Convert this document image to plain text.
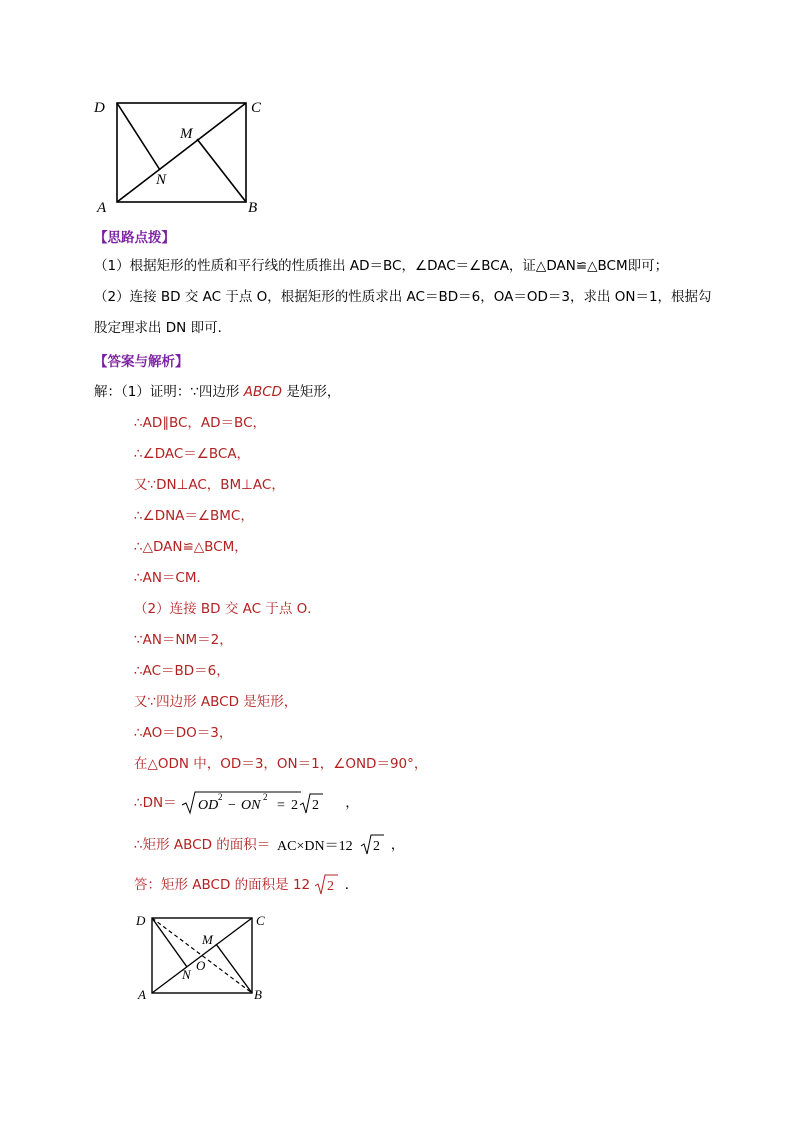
D	C
A	B
M
N
【思路点拨】
（1）根据矩形的性质和平行线的性质推出 AD＝BC，∠DAC＝∠BCA，证△DAN≌△BCM即可；
（2）连接 BD 交 AC 于点 O，根据矩形的性质求出 AC＝BD＝6，OA＝OD＝3，求出 ON＝1，根据勾
股定理求出 DN 即可．
【答案与解析】
解：（1）证明：∵四边形 ABCD 是矩形，
∴AD∥BC，AD＝BC，
∴∠DAC＝∠BCA，
又∵DN⊥AC，BM⊥AC，
∴∠DNA＝∠BMC，
∴△DAN≌△BCM，
∴AN＝CM．
（2）连接 BD 交 AC 于点 O．
∵AN＝NM＝2，
∴AC＝BD＝6，
又∵四边形 ABCD 是矩形，
∴AO＝DO＝3，
在△ODN 中，OD＝3，ON＝1，∠OND＝90°，
∴DN＝ OD
2
− ON
2
= 2 2 ，
∴矩形 ABCD 的面积＝ AC×DN＝12 2 ，
答：矩形 ABCD 的面积是 12 2 ．
D	C
A	B
M
O
N
